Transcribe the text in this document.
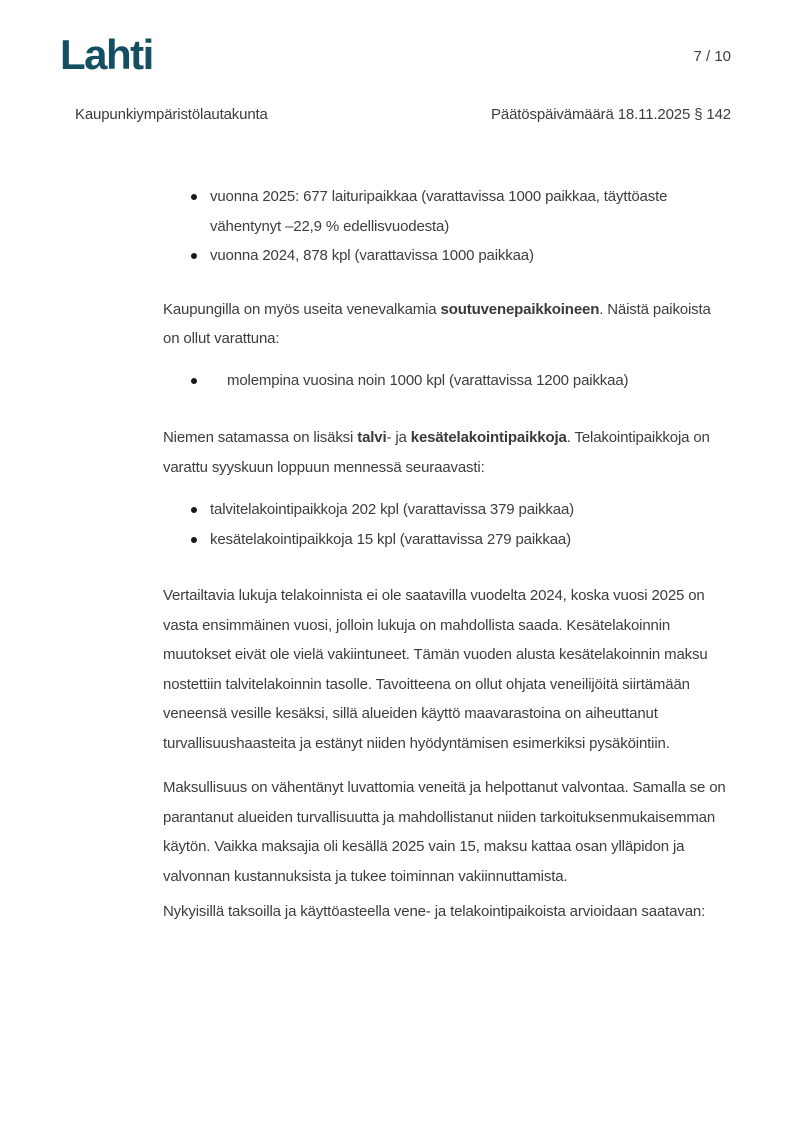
Lahti	7 / 10
Kaupunkiympäristölautakunta	Päätöspäivämäärä 18.11.2025 § 142
vuonna 2025: 677 laituripaikkaa (varattavissa 1000 paikkaa, täyttöaste vähentynyt –22,9 % edellisvuodesta)
vuonna 2024, 878 kpl (varattavissa 1000 paikkaa)

Kaupungilla on myös useita venevalkamia soutuvenepaikkoineen. Näistä paikoista on ollut varattuna:

molempina vuosina noin 1000 kpl (varattavissa 1200 paikkaa)

Niemen satamassa on lisäksi talvi- ja kesätelakointipaikkoja. Telakointipaikkoja on varattu syyskuun loppuun mennessä seuraavasti:

talvitelakointipaikkoja 202 kpl (varattavissa 379 paikkaa)
kesätelakointipaikkoja 15 kpl (varattavissa 279 paikkaa)

Vertailtavia lukuja telakoinnista ei ole saatavilla vuodelta 2024, koska vuosi 2025 on vasta ensimmäinen vuosi, jolloin lukuja on mahdollista saada. Kesätelakoinnin muutokset eivät ole vielä vakiintuneet. Tämän vuoden alusta kesätelakoinnin maksu nostettiin talvitelakoinnin tasolle. Tavoitteena on ollut ohjata veneilijöitä siirtämään veneensä vesille kesäksi, sillä alueiden käyttö maavarastoina on aiheuttanut turvallisuushaasteita ja estänyt niiden hyödyntämisen esimerkiksi pysäköintiin.

Maksullisuus on vähentänyt luvattomia veneitä ja helpottanut valvontaa. Samalla se on parantanut alueiden turvallisuutta ja mahdollistanut niiden tarkoituksenmukaisemman käytön. Vaikka maksajia oli kesällä 2025 vain 15, maksu kattaa osan ylläpidon ja valvonnan kustannuksista ja tukee toiminnan vakiinnuttamista.

Nykyisillä taksoilla ja käyttöasteella vene- ja telakointipaikoista arvioidaan saatavan:
